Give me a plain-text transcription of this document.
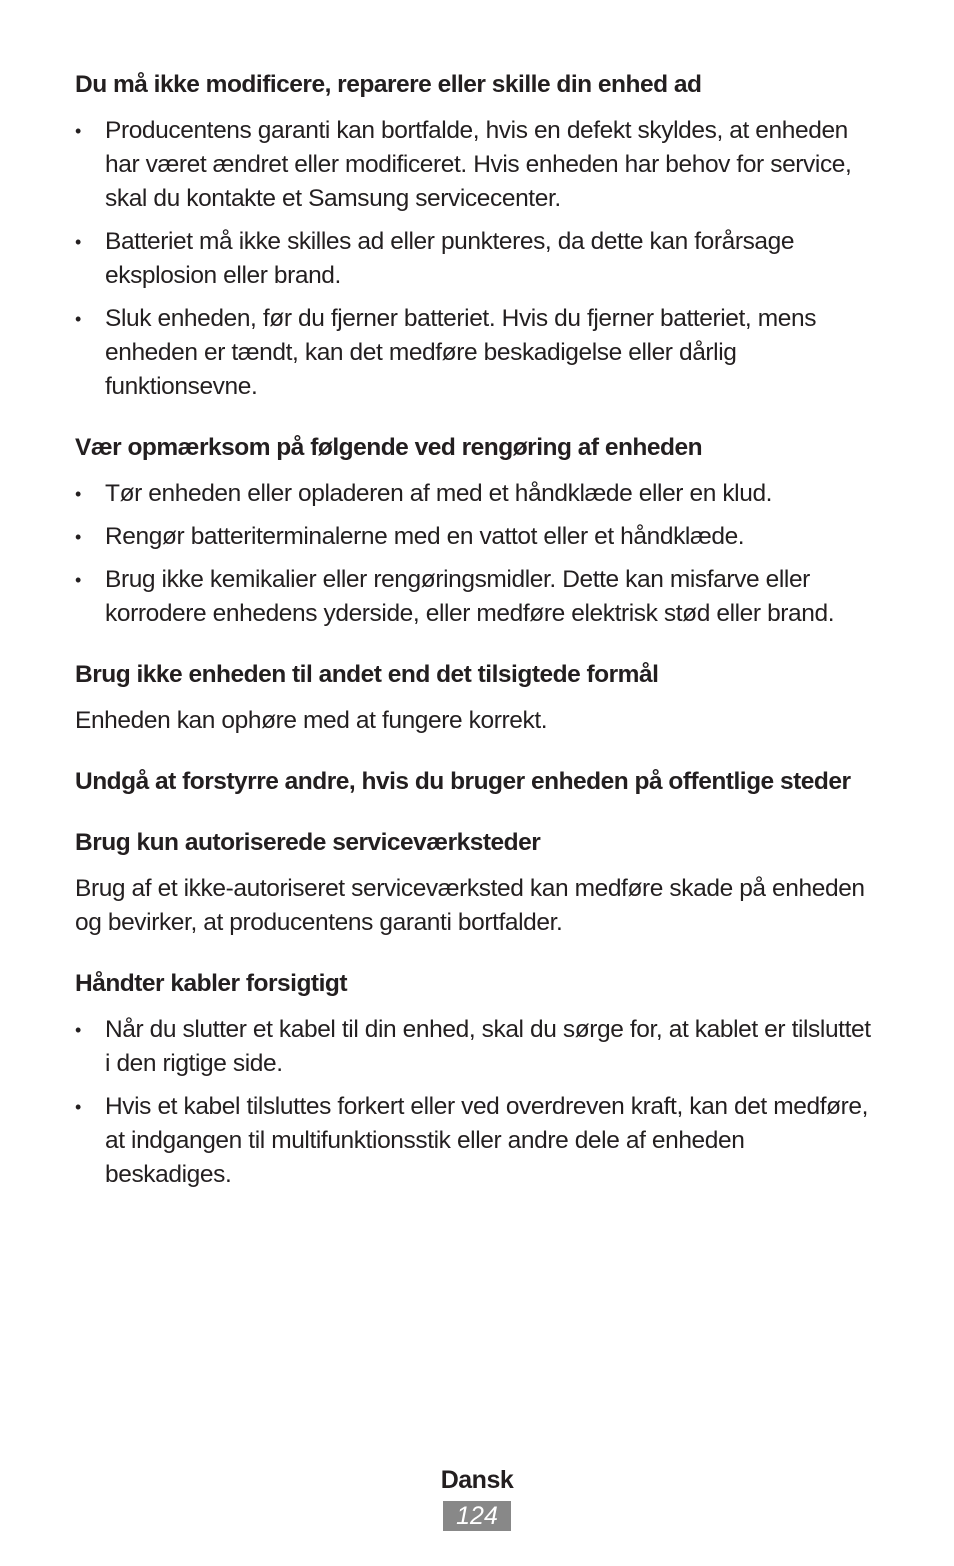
Du må ikke modificere, reparere eller skille din enhed ad
• Producentens garanti kan bortfalde, hvis en defekt skyldes, at enheden har været ændret eller modificeret. Hvis enheden har behov for service, skal du kontakte et Samsung servicecenter.
• Batteriet må ikke skilles ad eller punkteres, da dette kan forårsage eksplosion eller brand.
• Sluk enheden, før du fjerner batteriet. Hvis du fjerner batteriet, mens enheden er tændt, kan det medføre beskadigelse eller dårlig funktionsevne.
Vær opmærksom på følgende ved rengøring af enheden
• Tør enheden eller opladeren af med et håndklæde eller en klud.
• Rengør batteriterminalerne med en vattot eller et håndklæde.
• Brug ikke kemikalier eller rengøringsmidler. Dette kan misfarve eller korrodere enhedens yderside, eller medføre elektrisk stød eller brand.
Brug ikke enheden til andet end det tilsigtede formål

Enheden kan ophøre med at fungere korrekt.

Undgå at forstyrre andre, hvis du bruger enheden på offentlige steder
Brug kun autoriserede serviceværksteder

Brug af et ikke-autoriseret serviceværksted kan medføre skade på enheden og bevirker, at producentens garanti bortfalder.

Håndter kabler forsigtigt
• Når du slutter et kabel til din enhed, skal du sørge for, at kablet er tilsluttet i den rigtige side.
• Hvis et kabel tilsluttes forkert eller ved overdreven kraft, kan det medføre, at indgangen til multifunktionsstik eller andre dele af enheden beskadiges.
Dansk
124
